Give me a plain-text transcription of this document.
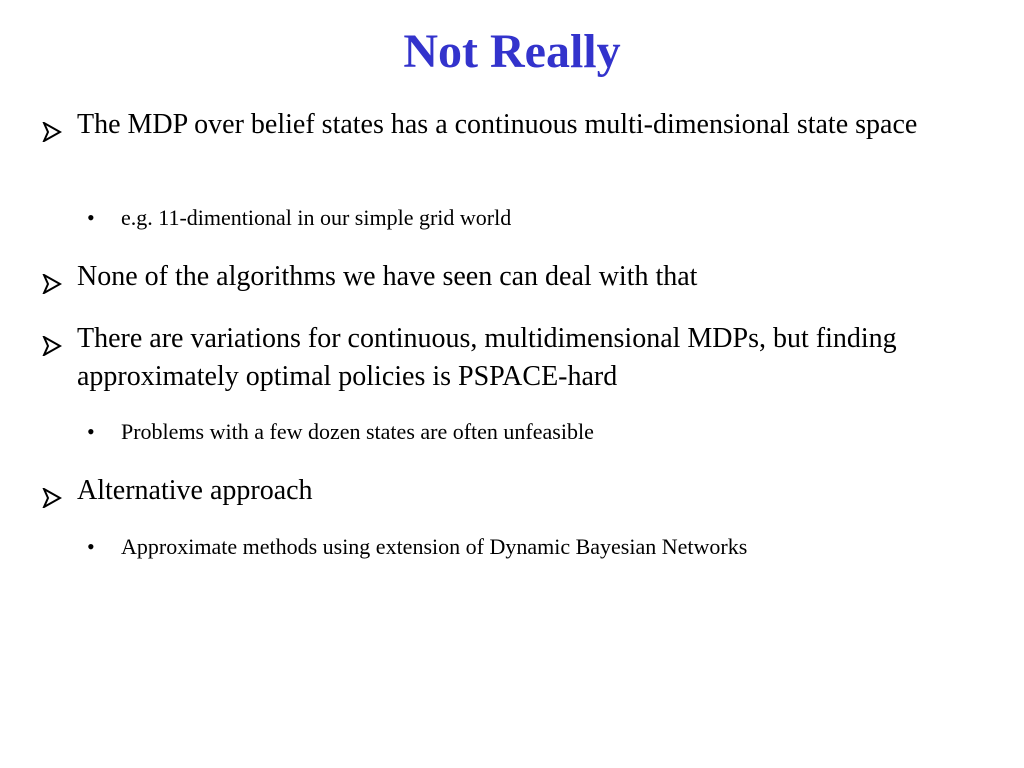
Not Really
The MDP over belief states has a continuous multi-dimensional state space
• e.g. 11-dimentional in our simple grid world
None of the algorithms we have seen can deal with that
There are variations for continuous, multidimensional MDPs, but finding approximately optimal policies is PSPACE-hard
• Problems with a few dozen states are often unfeasible
Alternative approach
• Approximate methods using extension of Dynamic Bayesian Networks
